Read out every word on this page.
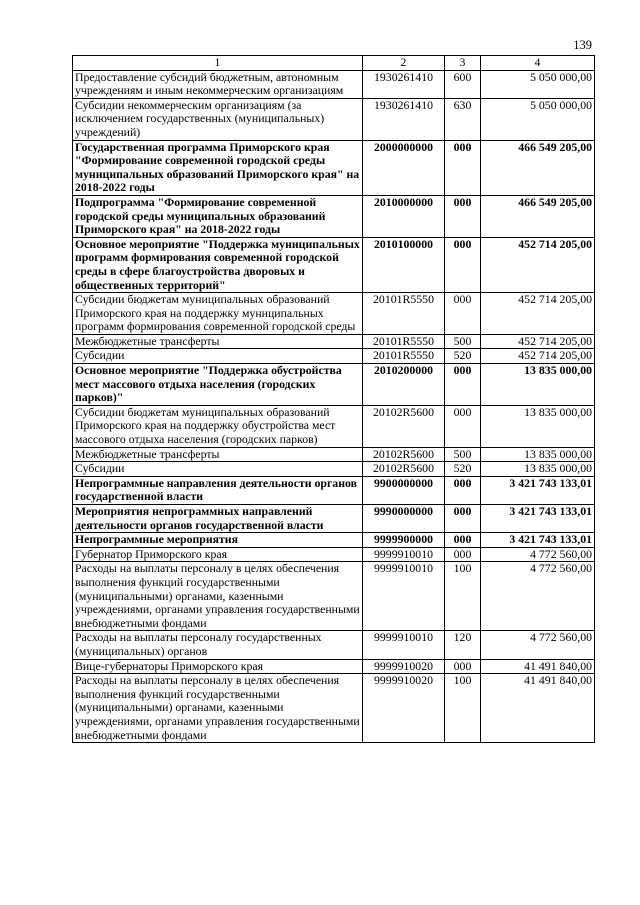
139
1	2	3	4
Предоставление субсидий бюджетным, автономным учреждениям и иным некоммерческим организациям	1930261410	600	5 050 000,00
Субсидии некоммерческим организациям (за исключением государственных (муниципальных) учреждений)	1930261410	630	5 050 000,00
Государственная программа Приморского края "Формирование современной городской среды муниципальных образований Приморского края" на 2018-2022 годы	2000000000	000	466 549 205,00
Подпрограмма "Формирование современной городской среды муниципальных образований Приморского края" на 2018-2022 годы	2010000000	000	466 549 205,00
Основное мероприятие "Поддержка муниципальных программ формирования современной городской среды в сфере благоустройства дворовых и общественных территорий"	2010100000	000	452 714 205,00
Субсидии бюджетам муниципальных образований Приморского края на поддержку муниципальных программ формирования современной городской среды	20101R5550	000	452 714 205,00
Межбюджетные трансферты	20101R5550	500	452 714 205,00
Субсидии	20101R5550	520	452 714 205,00
Основное мероприятие "Поддержка обустройства мест массового отдыха населения (городских парков)"	2010200000	000	13 835 000,00
Субсидии бюджетам муниципальных образований Приморского края на поддержку обустройства мест массового отдыха населения (городских парков)	20102R5600	000	13 835 000,00
Межбюджетные трансферты	20102R5600	500	13 835 000,00
Субсидии	20102R5600	520	13 835 000,00
Непрограммные направления деятельности органов государственной власти	9900000000	000	3 421 743 133,01
Мероприятия непрограммных направлений деятельности органов государственной власти	9990000000	000	3 421 743 133,01
Непрограммные мероприятия	9999900000	000	3 421 743 133,01
Губернатор Приморского края	9999910010	000	4 772 560,00
Расходы на выплаты персоналу в целях обеспечения выполнения функций государственными (муниципальными) органами, казенными учреждениями, органами управления государственными внебюджетными фондами	9999910010	100	4 772 560,00
Расходы на выплаты персоналу государственных (муниципальных) органов	9999910010	120	4 772 560,00
Вице-губернаторы Приморского края	9999910020	000	41 491 840,00
Расходы на выплаты персоналу в целях обеспечения выполнения функций государственными (муниципальными) органами, казенными учреждениями, органами управления государственными внебюджетными фондами	9999910020	100	41 491 840,00
